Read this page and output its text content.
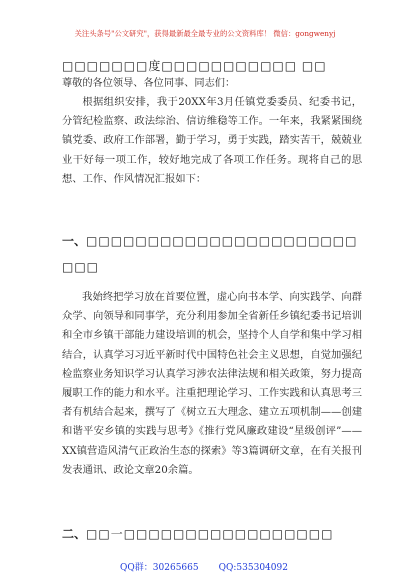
关注头条号"公文研究"，获得最新最全最专业的公文资料库！ 微信：gongwenyj
□□□□□□□度□□□□□□□□□□□ □□
尊敬的各位领导、各位同事、同志们：

根据组织安排，我于20XX年3月任镇党委委员、纪委书记，分管纪检监察、政法综治、信访维稳等工作。一年来，我紧紧围绕镇党委、政府工作部署，勤于学习，勇于实践，踏实苦干，兢兢业业干好每一项工作，较好地完成了各项工作任务。现将自己的思想、工作、作风情况汇报如下：

一、□□□□□□□□□□□□□□□□□□□□□□□□□

我始终把学习放在首要位置，虚心向书本学、向实践学、向群众学、向领导和同事学，充分利用参加全省新任乡镇纪委书记培训和全市乡镇干部能力建设培训的机会，坚持个人自学和集中学习相结合，认真学习习近平新时代中国特色社会主义思想，自觉加强纪检监察业务知识学习认真学习涉农法律法规和相关政策，努力提高履职工作的能力和水平。注重把理论学习、工作实践和认真思考三者有机结合起来，撰写了《树立五大理念、建立五项机制——创建和谐平安乡镇的实践与思考》《推行党风廉政建设“星级创评”——XX镇营造风清气正政治生态的探索》等3篇调研文章，在有关报刊发表通讯、政论文章20余篇。

二、□□一□□□□□□□□□□□□□□□□□

QQ群：30265665 QQ:535304092
